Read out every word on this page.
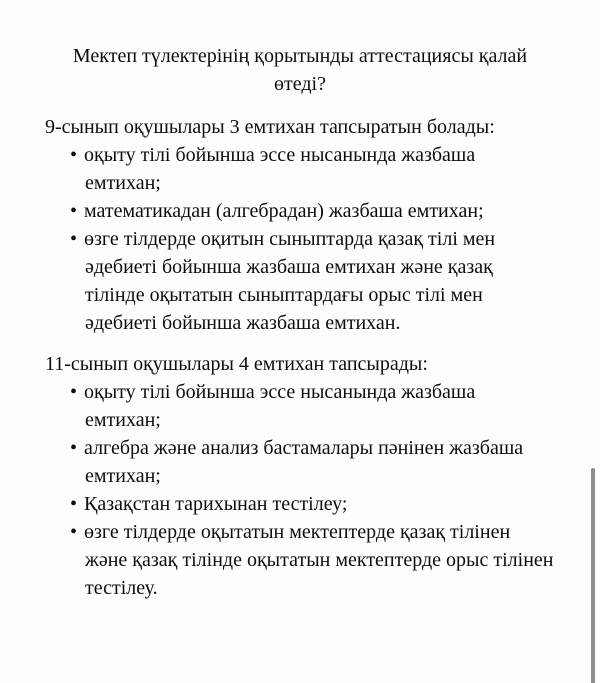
Мектеп түлектерінің қорытынды аттестациясы қалай өтеді?
9-сынып оқушылары 3 емтихан тапсыратын болады:
• оқыту тілі бойынша эссе нысанында жазбаша емтихан;
• математикадан (алгебрадан) жазбаша емтихан;
• өзге тілдерде оқитын сыныптарда қазақ тілі мен әдебиеті бойынша жазбаша емтихан және қазақ тілінде оқытатын сыныптардағы орыс тілі мен әдебиеті бойынша жазбаша емтихан.
11-сынып оқушылары 4 емтихан тапсырады:
• оқыту тілі бойынша эссе нысанында жазбаша емтихан;
• алгебра және анализ бастамалары пәнінен жазбаша емтихан;
• Қазақстан тарихынан тестілеу;
• өзге тілдерде оқытатын мектептерде қазақ тілінен және қазақ тілінде оқытатын мектептерде орыс тілінен тестілеу.
